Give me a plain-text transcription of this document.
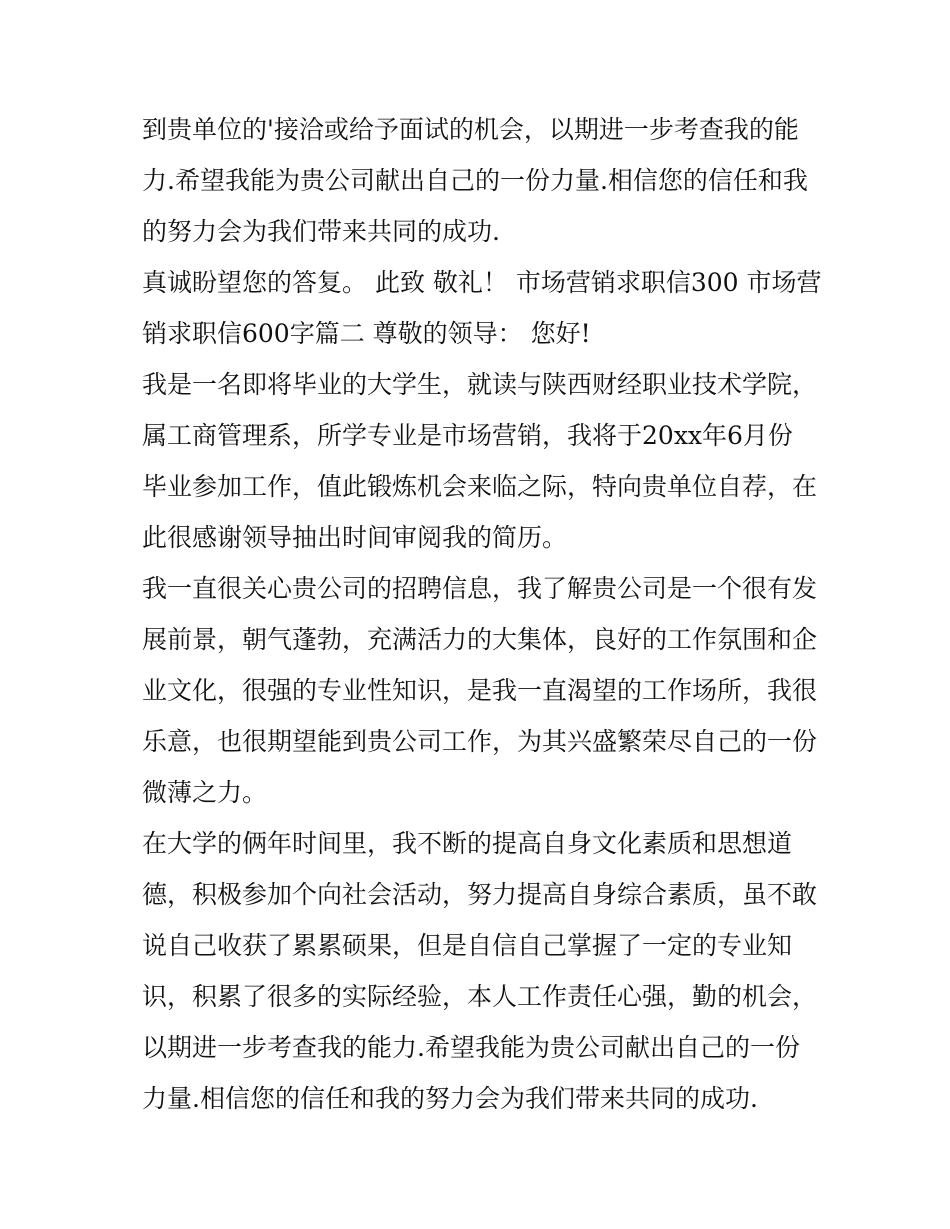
到贵单位的'接洽或给予面试的机会，以期进一步考查我的能
力.希望我能为贵公司献出自己的一份力量.相信您的信任和我
的努力会为我们带来共同的成功.
真诚盼望您的答复。 此致 敬礼！ 市场营销求职信300 市场营
销求职信600字篇二 尊敬的领导： 您好!
我是一名即将毕业的大学生，就读与陕西财经职业技术学院，
属工商管理系，所学专业是市场营销，我将于20xx年6月份
毕业参加工作，值此锻炼机会来临之际，特向贵单位自荐，在
此很感谢领导抽出时间审阅我的简历。
我一直很关心贵公司的招聘信息，我了解贵公司是一个很有发
展前景，朝气蓬勃，充满活力的大集体，良好的工作氛围和企
业文化，很强的专业性知识，是我一直渴望的工作场所，我很
乐意，也很期望能到贵公司工作，为其兴盛繁荣尽自己的一份
微薄之力。
在大学的俩年时间里，我不断的提高自身文化素质和思想道
德，积极参加个向社会活动，努力提高自身综合素质，虽不敢
说自己收获了累累硕果，但是自信自己掌握了一定的专业知
识，积累了很多的实际经验，本人工作责任心强，勤的机会，
以期进一步考查我的能力.希望我能为贵公司献出自己的一份
力量.相信您的信任和我的努力会为我们带来共同的成功.
